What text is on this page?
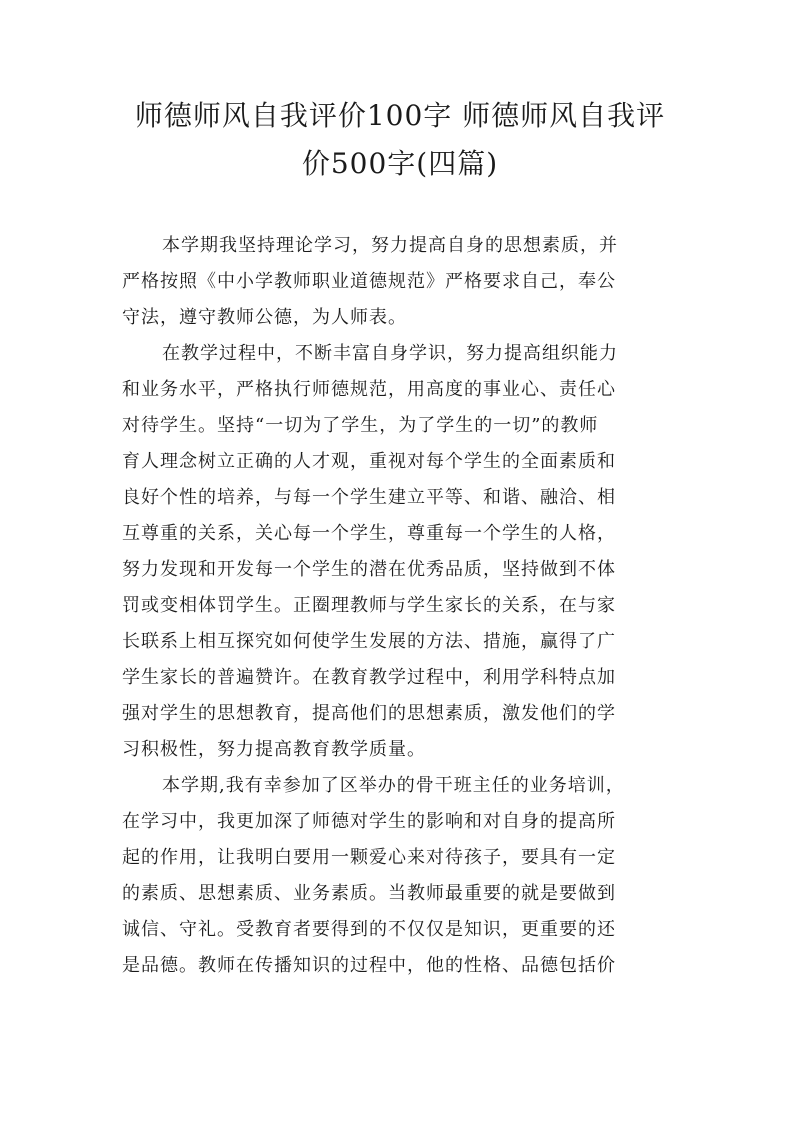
师德师风自我评价100字 师德师风自我评
价500字(四篇)

本学期我坚持理论学习，努力提高自身的思想素质，并
严格按照《中小学教师职业道德规范》严格要求自己，奉公
守法，遵守教师公德，为人师表。

在教学过程中，不断丰富自身学识，努力提高组织能力
和业务水平，严格执行师德规范，用高度的事业心、责任心
对待学生。坚持“一切为了学生，为了学生的一切”的教师
育人理念树立正确的人才观，重视对每个学生的全面素质和
良好个性的培养，与每一个学生建立平等、和谐、融洽、相
互尊重的关系，关心每一个学生，尊重每一个学生的人格，
努力发现和开发每一个学生的潜在优秀品质，坚持做到不体
罚或变相体罚学生。正圈理教师与学生家长的关系，在与家
长联系上相互探究如何使学生发展的方法、措施，赢得了广
学生家长的普遍赞许。在教育教学过程中，利用学科特点加
强对学生的思想教育，提高他们的思想素质，激发他们的学
习积极性，努力提高教育教学质量。

本学期,我有幸参加了区举办的骨干班主任的业务培训，
在学习中，我更加深了师德对学生的影响和对自身的提高所
起的作用，让我明白要用一颗爱心来对待孩子，要具有一定
的素质、思想素质、业务素质。当教师最重要的就是要做到
诚信、守礼。受教育者要得到的不仅仅是知识，更重要的还
是品德。教师在传播知识的过程中，他的性格、品德包括价
